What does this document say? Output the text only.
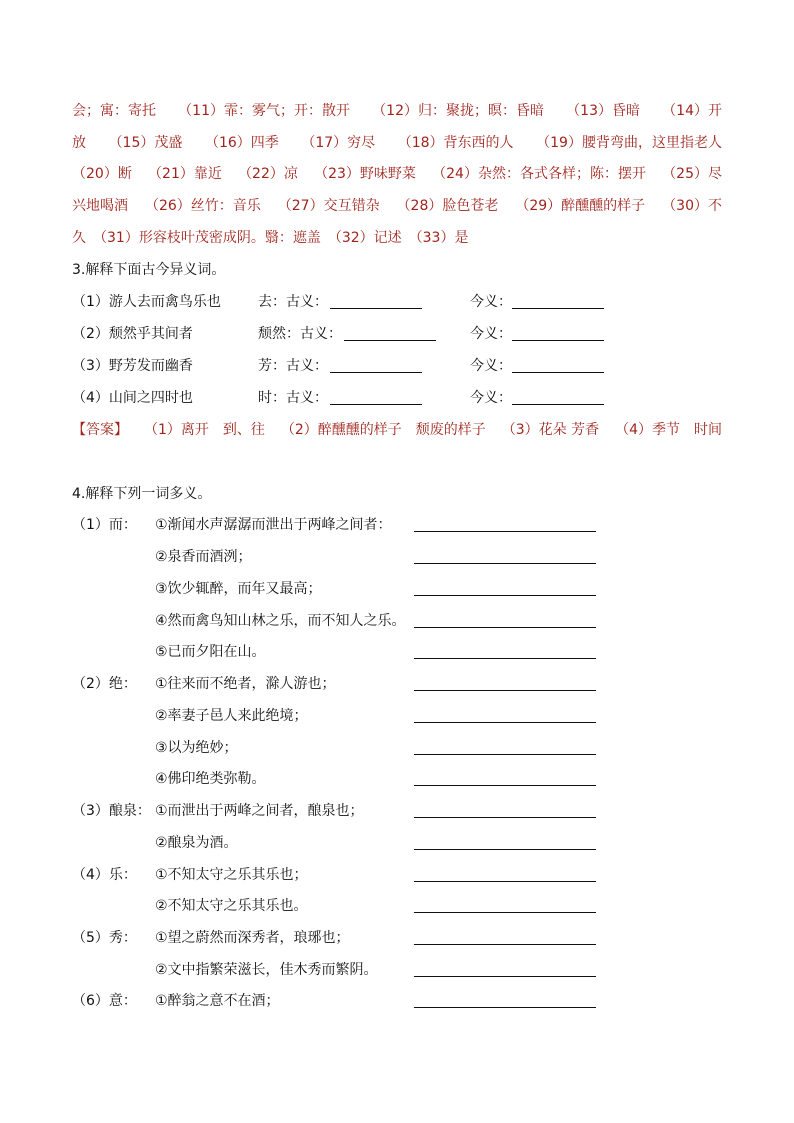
会；寓：寄托 （11）霏：雾气；开：散开 （12）归：聚拢；暝：昏暗 （13）昏暗 （14）开
放 （15）茂盛 （16）四季 （17）穷尽 （18）背东西的人 （19）腰背弯曲，这里指老人
（20）断 （21）靠近 （22）凉 （23）野味野菜 （24）杂然：各式各样；陈：摆开 （25）尽
兴地喝酒 （26）丝竹：音乐 （27）交互错杂 （28）脸色苍老 （29）醉醺醺的样子 （30）不
久　（31）形容枝叶茂密成阴。翳：遮盖　（32）记述　（33）是
3.解释下面古今异义词。
（1）游人去而禽鸟乐也	去：古义：	今义：
（2）颓然乎其间者	颓然：古义：	今义：
（3）野芳发而幽香	芳：古义：	今义：
（4）山间之四时也	时：古义：	今义：
【答案】 （1）离开　到、往 （2）醉醺醺的样子　颓废的样子 （3）花朵 芳香 （4）季节　时间
4.解释下列一词多义。
（1）而： ①渐闻水声潺潺而泄出于两峰之间者：
②泉香而酒洌；
③饮少辄醉，而年又最高；
④然而禽鸟知山林之乐，而不知人之乐。
⑤已而夕阳在山。
（2）绝： ①往来而不绝者，滁人游也；
②率妻子邑人来此绝境；
③以为绝妙；
④佛印绝类弥勒。
（3）酿泉： ①而泄出于两峰之间者，酿泉也；
②酿泉为酒。
（4）乐： ①不知太守之乐其乐也；
②不知太守之乐其乐也。
（5）秀： ①望之蔚然而深秀者，琅琊也；
②文中指繁荣滋长，佳木秀而繁阴。
（6）意： ①醉翁之意不在酒；
